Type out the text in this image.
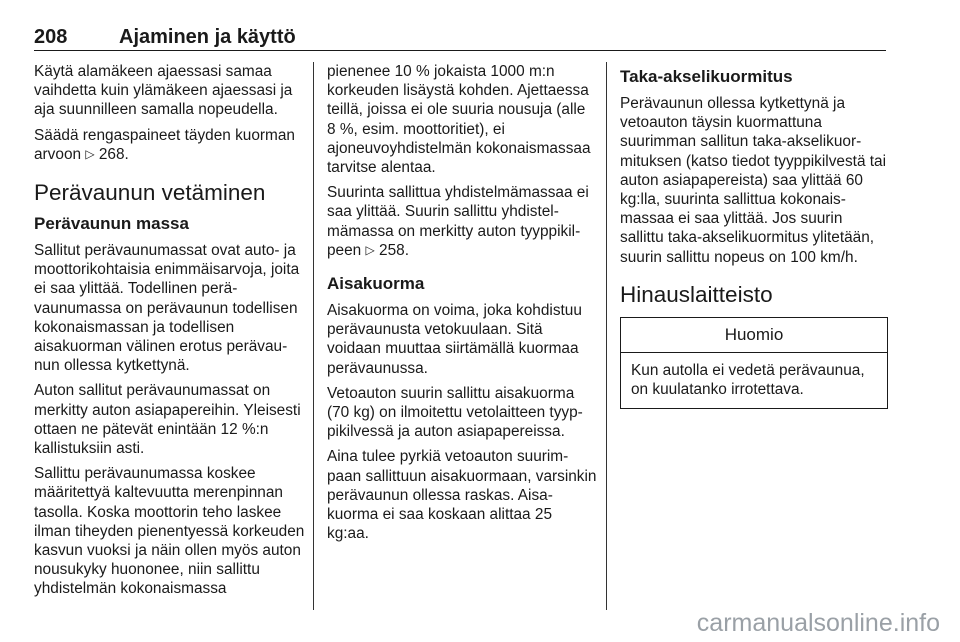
208	Ajaminen ja käyttö

Käytä alamäkeen ajaessasi samaa vaihdetta kuin ylämäkeen ajaessasi ja aja suunnilleen samalla nopeudella.

Säädä rengaspaineet täyden kuorman arvoon ▷ 268.

Perävaunun vetäminen
Perävaunun massa

Sallitut perävaunumassat ovat auto- ja moottorikohtaisia enimmäisarvoja, joita ei saa ylittää. Todellinen perävaunumassa on perävaunun todellisen kokonaismassan ja todellisen aisakuorman välinen erotus perävaunun ollessa kytkettynä.

Auton sallitut perävaunumassat on merkitty auton asiapapereihin. Yleisesti ottaen ne pätevät enintään 12 %:n kallistuksiin asti.

Sallittu perävaunumassa koskee määritettyä kaltevuutta merenpinnan tasolla. Koska moottorin teho laskee ilman tiheyden pienentyessä korkeuden kasvun vuoksi ja näin ollen myös auton nousukyky huononee, niin sallittu yhdistelmän kokonaismassa

pienenee 10 % jokaista 1000 m:n korkeuden lisäystä kohden. Ajettaessa teillä, joissa ei ole suuria nousuja (alle 8 %, esim. moottoritiet), ei ajoneuvoyhdistelmän kokonaismassaa tarvitse alentaa.

Suurinta sallittua yhdistelmämassaa ei saa ylittää. Suurin sallittu yhdistelmämassa on merkitty auton tyyppikilpeen ▷ 258.

Aisakuorma

Aisakuorma on voima, joka kohdistuu perävaunusta vetokuulaan. Sitä voidaan muuttaa siirtämällä kuormaa perävaunussa.

Vetoauton suurin sallittu aisakuorma (70 kg) on ilmoitettu vetolaitteen tyyppikilvessä ja auton asiapapereissa.

Aina tulee pyrkiä vetoauton suurimpaan sallittuun aisakuormaan, varsinkin perävaunun ollessa raskas. Aisakuorma ei saa koskaan alittaa 25 kg:aa.

Taka-akselikuormitus

Perävaunun ollessa kytkettynä ja vetoauton täysin kuormattuna suurimman sallitun taka-akselikuormituksen (katso tiedot tyyppikilvestä tai auton asiapapereista) saa ylittää 60 kg:lla, suurinta sallittua kokonaismassaa ei saa ylittää. Jos suurin sallittu taka-akselikuormitus ylitetään, suurin sallittu nopeus on 100 km/h.

Hinauslaitteisto
Huomio
Kun autolla ei vedetä perävaunua, on kuulatanko irrotettava.
carmanualsonline.info
